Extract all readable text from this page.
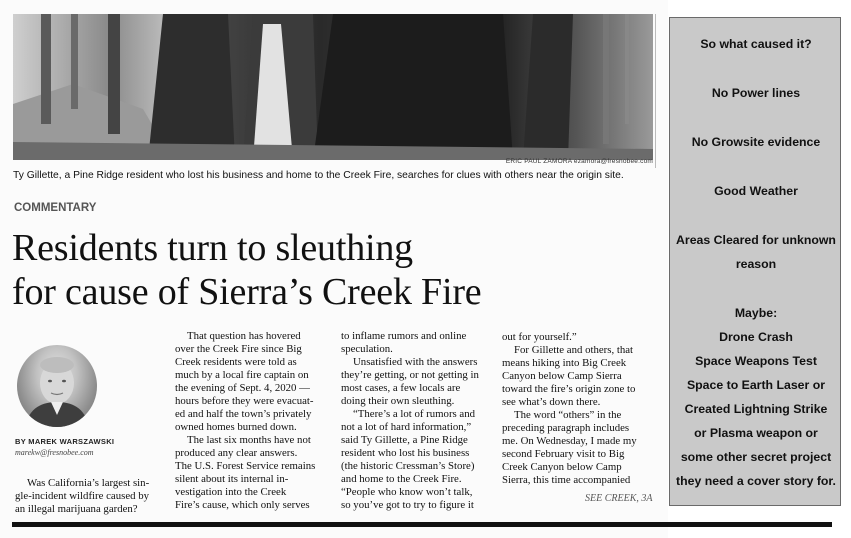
ERIC PAUL ZAMORA ezamora@fresnobee.com
Ty Gillette, a Pine Ridge resident who lost his business and home to the Creek Fire, searches for clues with others near the origin site.
COMMENTARY
Residents turn to sleuthing
for cause of Sierra’s Creek Fire
BY MAREK WARSZAWSKI
marekw@fresnobee.com
Was California’s largest sin-
gle-incident wildfire caused by
an illegal marijuana garden?
That question has hovered
over the Creek Fire since Big
Creek residents were told as
much by a local fire captain on
the evening of Sept. 4, 2020 —
hours before they were evacuat-
ed and half the town’s privately
owned homes burned down.
The last six months have not
produced any clear answers.
The U.S. Forest Service remains
silent about its internal in-
vestigation into the Creek
Fire’s cause, which only serves
to inflame rumors and online
speculation.
Unsatisfied with the answers
they’re getting, or not getting in
most cases, a few locals are
doing their own sleuthing.
“There’s a lot of rumors and
not a lot of hard information,”
said Ty Gillette, a Pine Ridge
resident who lost his business
(the historic Cressman’s Store)
and home to the Creek Fire.
“People who know won’t talk,
so you’ve got to try to figure it
out for yourself.”
For Gillette and others, that
means hiking into Big Creek
Canyon below Camp Sierra
toward the fire’s origin zone to
see what’s down there.
The word “others” in the
preceding paragraph includes
me. On Wednesday, I made my
second February visit to Big
Creek Canyon below Camp
Sierra, this time accompanied
SEE CREEK, 3A
So what caused it?
No Power lines
No Growsite evidence
Good Weather
Areas Cleared for unknown
reason
Maybe:
Drone Crash
Space Weapons Test
Space to Earth Laser or
Created Lightning Strike
or Plasma weapon or
some other secret project
they need a cover story for.
